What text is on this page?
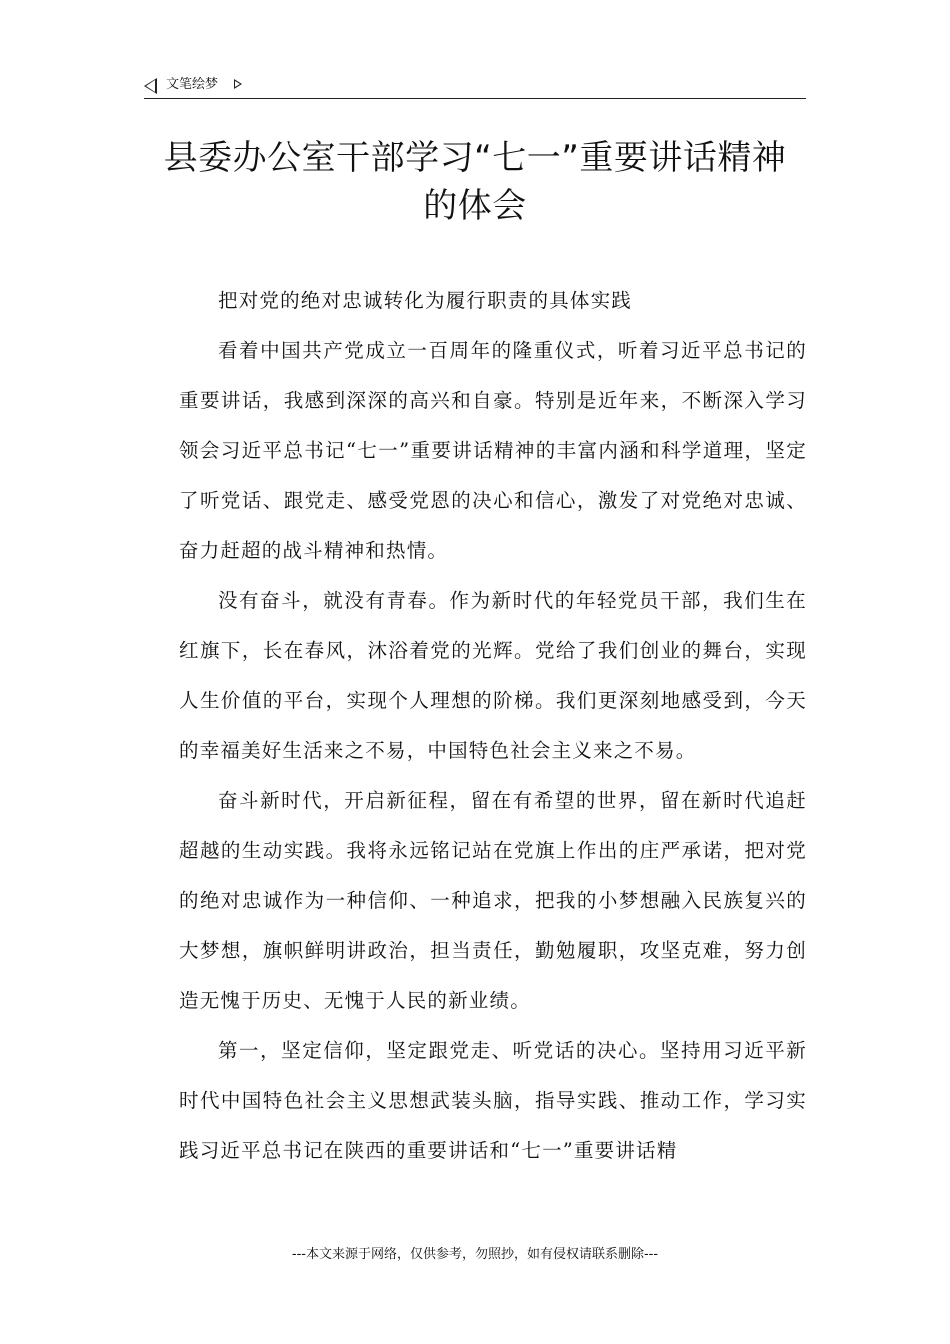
文笔绘梦
县委办公室干部学习“七一”重要讲话精神的体会

把对党的绝对忠诚转化为履行职责的具体实践

看着中国共产党成立一百周年的隆重仪式，听着习近平总书记的重要讲话，我感到深深的高兴和自豪。特别是近年来，不断深入学习领会习近平总书记“七一”重要讲话精神的丰富内涵和科学道理，坚定了听党话、跟党走、感受党恩的决心和信心，激发了对党绝对忠诚、奋力赶超的战斗精神和热情。

没有奋斗，就没有青春。作为新时代的年轻党员干部，我们生在红旗下，长在春风，沐浴着党的光辉。党给了我们创业的舞台，实现人生价值的平台，实现个人理想的阶梯。我们更深刻地感受到，今天的幸福美好生活来之不易，中国特色社会主义来之不易。

奋斗新时代，开启新征程，留在有希望的世界，留在新时代追赶超越的生动实践。我将永远铭记站在党旗上作出的庄严承诺，把对党的绝对忠诚作为一种信仰、一种追求，把我的小梦想融入民族复兴的大梦想，旗帜鲜明讲政治，担当责任，勤勉履职，攻坚克难，努力创造无愧于历史、无愧于人民的新业绩。

第一，坚定信仰，坚定跟党走、听党话的决心。坚持用习近平新时代中国特色社会主义思想武装头脑，指导实践、推动工作，学习实践习近平总书记在陕西的重要讲话和“七一”重要讲话精

---本文来源于网络，仅供参考，勿照抄，如有侵权请联系删除---
